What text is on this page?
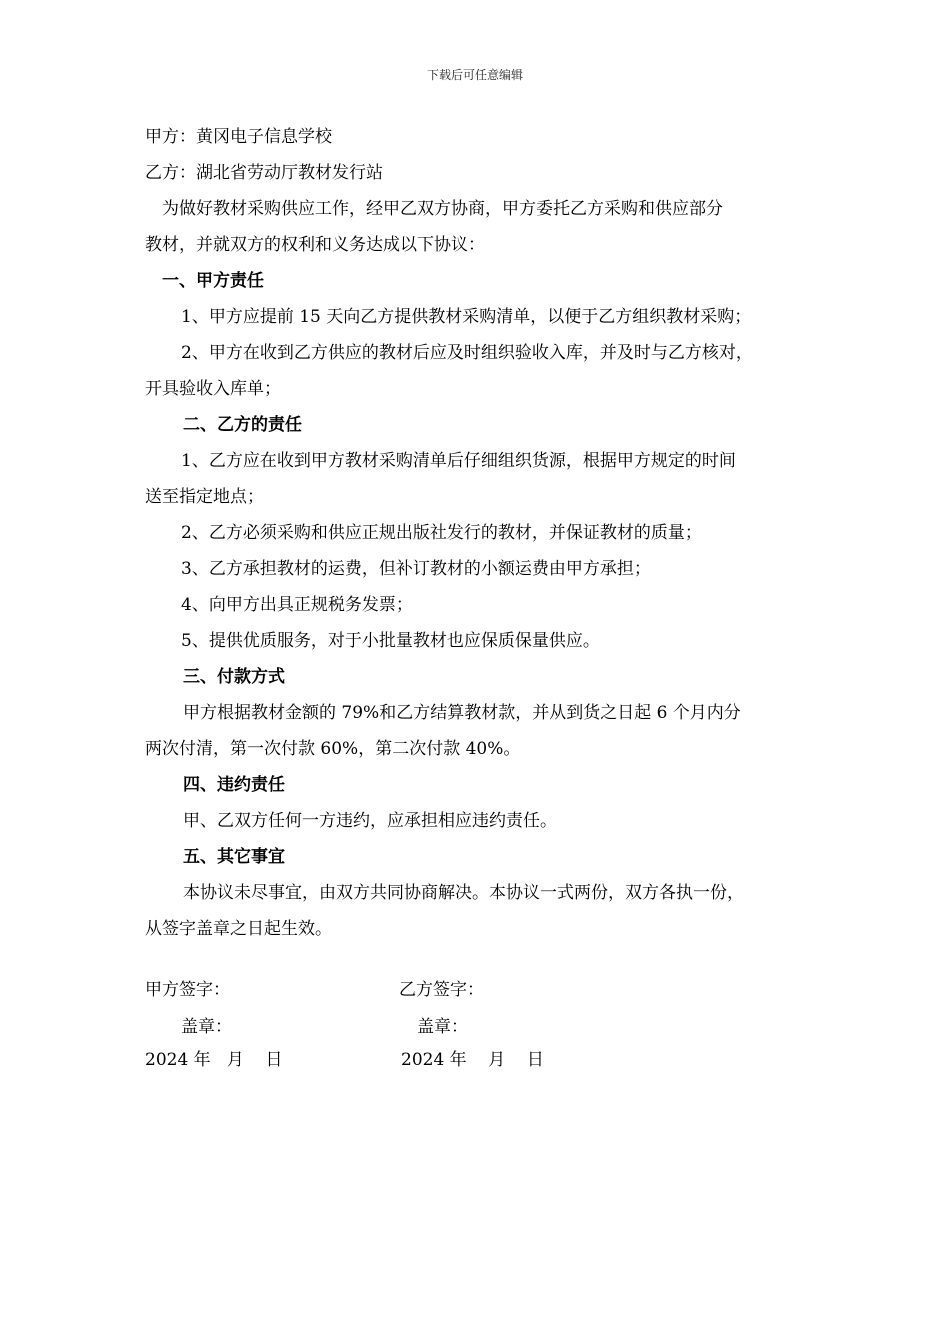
下载后可任意编辑
甲方：黄冈电子信息学校
乙方：湖北省劳动厅教材发行站
为做好教材采购供应工作，经甲乙双方协商，甲方委托乙方采购和供应部分
教材，并就双方的权利和义务达成以下协议：
一、甲方责任
1、甲方应提前 15 天向乙方提供教材采购清单，以便于乙方组织教材采购；
2、甲方在收到乙方供应的教材后应及时组织验收入库，并及时与乙方核对，
开具验收入库单；
二、乙方的责任
1、乙方应在收到甲方教材采购清单后仔细组织货源，根据甲方规定的时间
送至指定地点；
2、乙方必须采购和供应正规出版社发行的教材，并保证教材的质量；
3、乙方承担教材的运费，但补订教材的小额运费由甲方承担；
4、向甲方出具正规税务发票；
5、提供优质服务，对于小批量教材也应保质保量供应。
三、付款方式
甲方根据教材金额的 79%和乙方结算教材款，并从到货之日起 6 个月内分
两次付清，第一次付款 60%，第二次付款 40%。
四、违约责任
甲、乙双方任何一方违约，应承担相应违约责任。
五、其它事宜
本协议未尽事宜，由双方共同协商解决。本协议一式两份，双方各执一份，
从签字盖章之日起生效。
甲方签字：	乙方签字：
盖章：	盖章：
2024 年   月    日	2024 年    月    日
